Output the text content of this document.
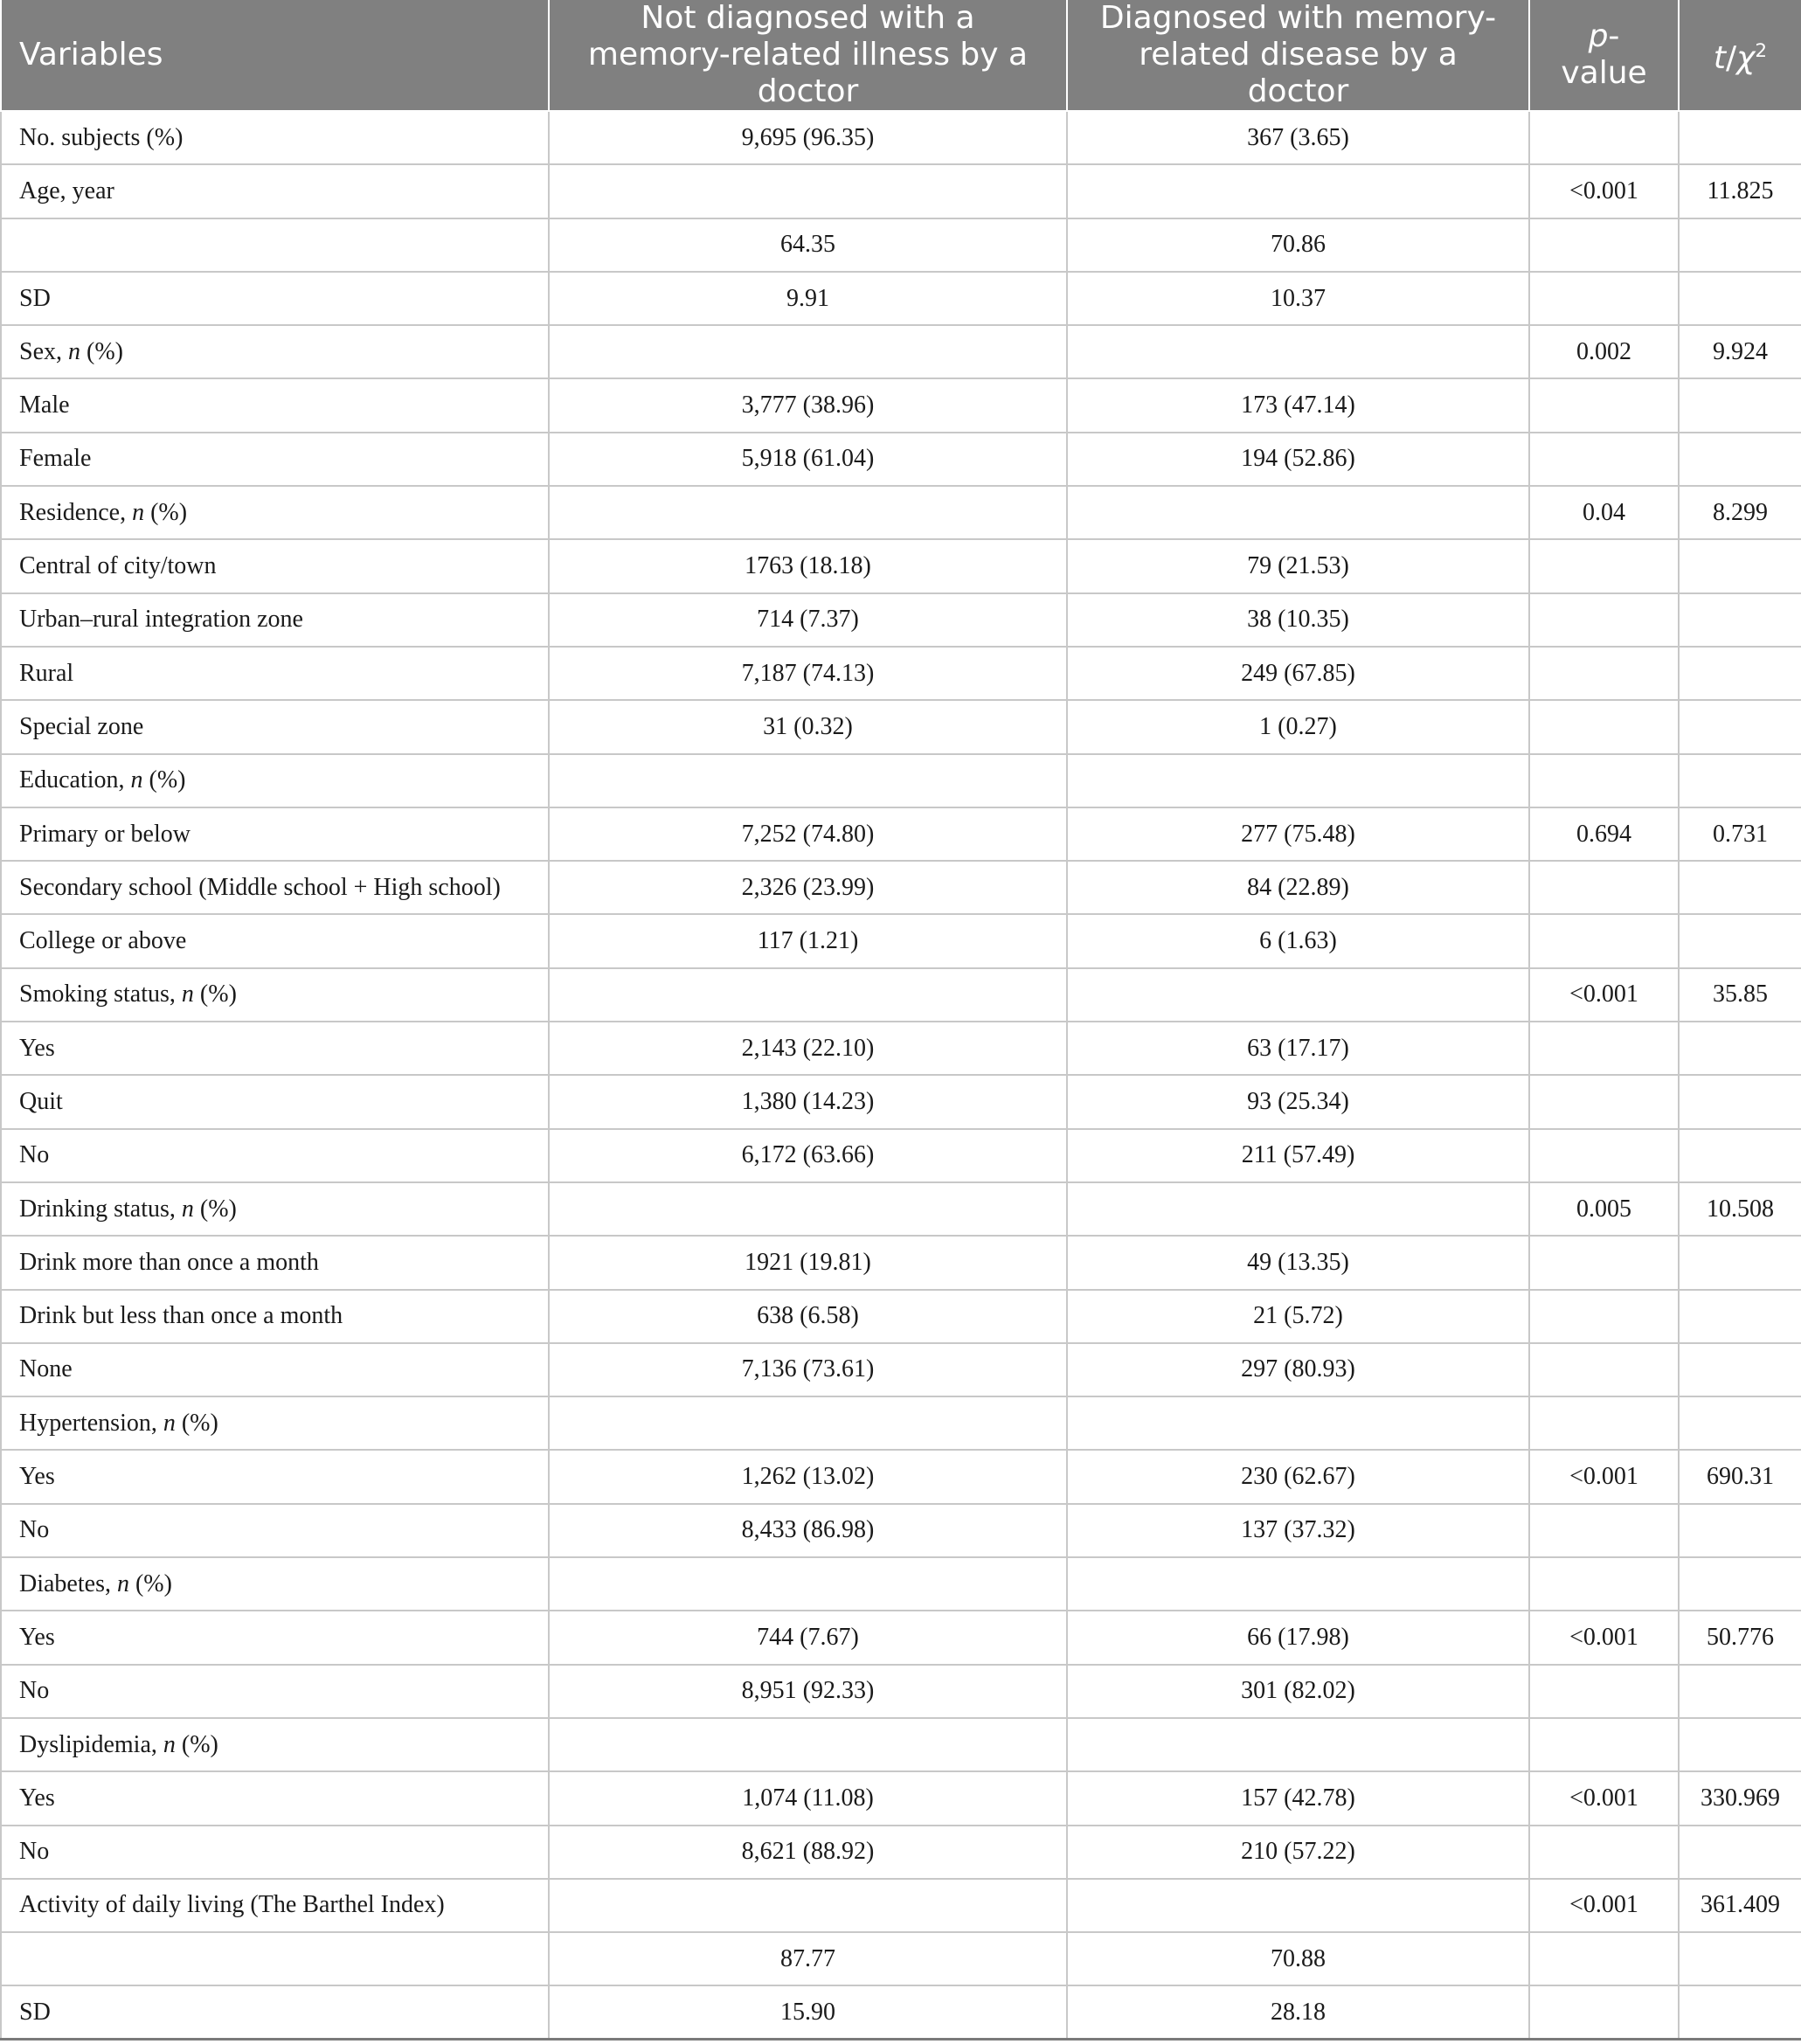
Variables	Not diagnosed with a memory-related illness by a doctor	Diagnosed with memory-related disease by a doctor	p-value	$t/\chi^2$
No. subjects (%)	9,695 (96.35)	367 (3.65)		
Age, year			<0.001	11.825
	64.35	70.86		
SD	9.91	10.37		
Sex, n (%)			0.002	9.924
Male	3,777 (38.96)	173 (47.14)		
Female	5,918 (61.04)	194 (52.86)		
Residence, n (%)			0.04	8.299
Central of city/town	1763 (18.18)	79 (21.53)		
Urban–rural integration zone	714 (7.37)	38 (10.35)		
Rural	7,187 (74.13)	249 (67.85)		
Special zone	31 (0.32)	1 (0.27)		
Education, n (%)				
Primary or below	7,252 (74.80)	277 (75.48)	0.694	0.731
Secondary school (Middle school + High school)	2,326 (23.99)	84 (22.89)		
College or above	117 (1.21)	6 (1.63)		
Smoking status, n (%)			<0.001	35.85
Yes	2,143 (22.10)	63 (17.17)		
Quit	1,380 (14.23)	93 (25.34)		
No	6,172 (63.66)	211 (57.49)		
Drinking status, n (%)			0.005	10.508
Drink more than once a month	1921 (19.81)	49 (13.35)		
Drink but less than once a month	638 (6.58)	21 (5.72)		
None	7,136 (73.61)	297 (80.93)		
Hypertension, n (%)				
Yes	1,262 (13.02)	230 (62.67)	<0.001	690.31
No	8,433 (86.98)	137 (37.32)		
Diabetes, n (%)				
Yes	744 (7.67)	66 (17.98)	<0.001	50.776
No	8,951 (92.33)	301 (82.02)		
Dyslipidemia, n (%)				
Yes	1,074 (11.08)	157 (42.78)	<0.001	330.969
No	8,621 (88.92)	210 (57.22)		
Activity of daily living (The Barthel Index)			<0.001	361.409
	87.77	70.88		
SD	15.90	28.18		
